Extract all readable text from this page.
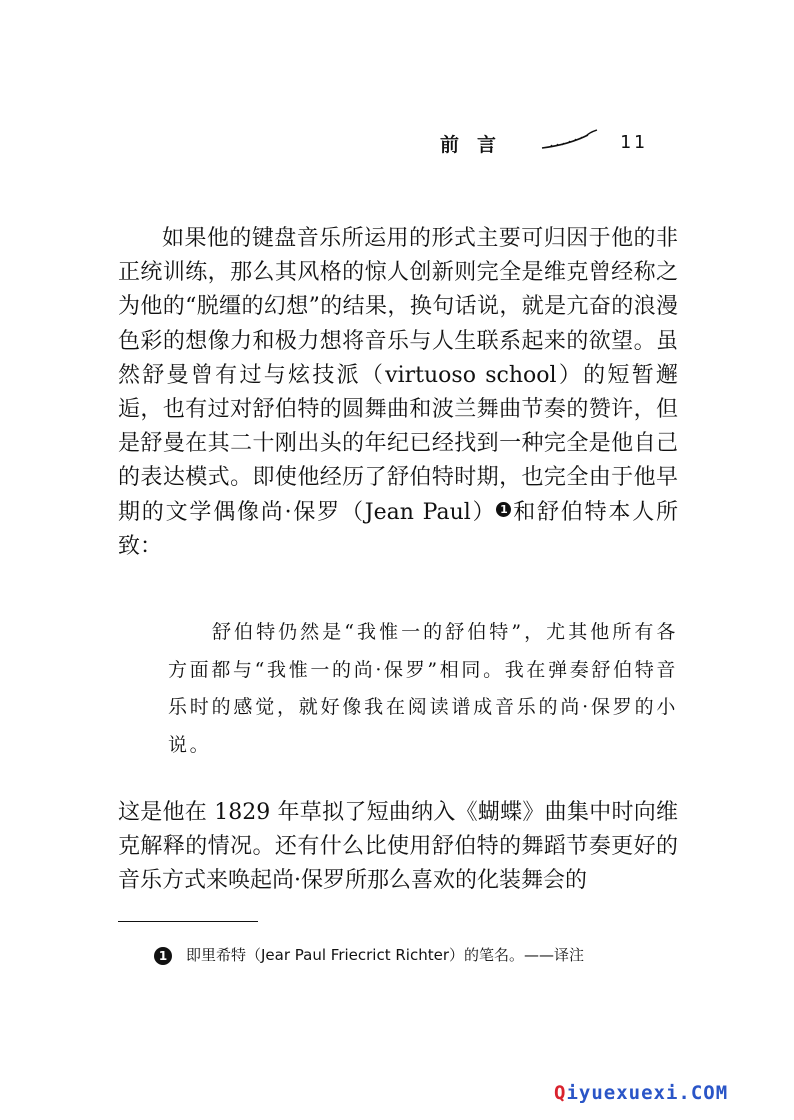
前言	11

如果他的键盘音乐所运用的形式主要可归因于他的非正统训练，那么其风格的惊人创新则完全是维克曾经称之为他的“脱缰的幻想”的结果，换句话说，就是亢奋的浪漫色彩的想像力和极力想将音乐与人生联系起来的欲望。虽然舒曼曾有过与炫技派（virtuoso school）的短暂邂逅，也有过对舒伯特的圆舞曲和波兰舞曲节奏的赞许，但是舒曼在其二十刚出头的年纪已经找到一种完全是他自己的表达模式。即使他经历了舒伯特时期，也完全由于他早期的文学偶像尚·保罗（Jean Paul） 1 和舒伯特本人所致：

舒伯特仍然是“我惟一的舒伯特”，尤其他所有各方面都与“我惟一的尚·保罗”相同。我在弹奏舒伯特音乐时的感觉，就好像我在阅读谱成音乐的尚·保罗的小说。

这是他在 1829 年草拟了短曲纳入《蝴蝶》曲集中时向维克解释的情况。还有什么比使用舒伯特的舞蹈节奏更好的音乐方式来唤起尚·保罗所那么喜欢的化装舞会的

1 即里希特（Jear Paul Friecrict Richter）的笔名。——译注
Qiyuexuexi.COM
